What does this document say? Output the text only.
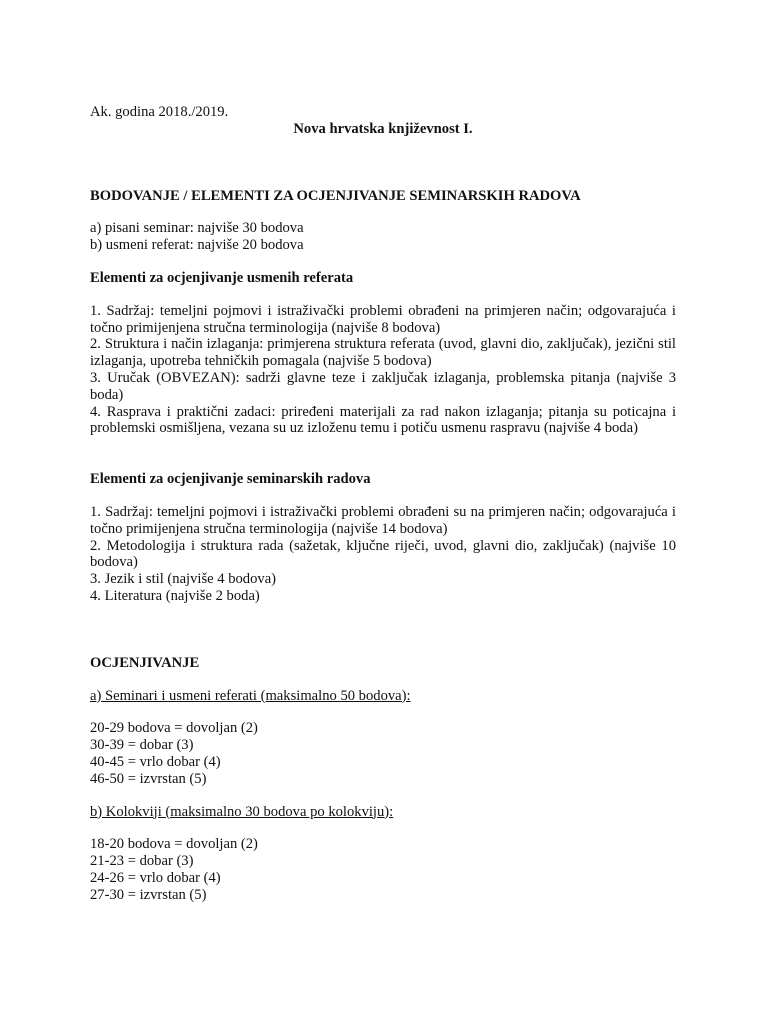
Ak. godina 2018./2019.

Nova hrvatska književnost I.

BODOVANJE / ELEMENTI ZA OCJENJIVANJE SEMINARSKIH RADOVA

a) pisani seminar: najviše 30 bodova

b) usmeni referat: najviše 20 bodova

Elementi za ocjenjivanje usmenih referata

1. Sadržaj: temeljni pojmovi i istraživački problemi obrađeni na primjeren način; odgovarajuća i točno primijenjena stručna terminologija (najviše 8 bodova)

2. Struktura i način izlaganja: primjerena struktura referata (uvod, glavni dio, zaključak), jezični stil izlaganja, upotreba tehničkih pomagala (najviše 5 bodova)

3. Uručak (OBVEZAN): sadrži glavne teze i zaključak izlaganja, problemska pitanja (najviše 3 boda)

4. Rasprava i praktični zadaci: priređeni materijali za rad nakon izlaganja; pitanja su poticajna i problemski osmišljena, vezana su uz izloženu temu i potiču usmenu raspravu (najviše 4 boda)

Elementi za ocjenjivanje seminarskih radova

1. Sadržaj: temeljni pojmovi i istraživački problemi obrađeni su na primjeren način; odgovarajuća i točno primijenjena stručna terminologija (najviše 14 bodova)

2. Metodologija i struktura rada (sažetak, ključne riječi, uvod, glavni dio, zaključak) (najviše 10 bodova)

3. Jezik i stil (najviše 4 bodova)

4. Literatura (najviše 2 boda)

OCJENJIVANJE

a) Seminari i usmeni referati (maksimalno 50 bodova):

20-29 bodova = dovoljan (2)

30-39 = dobar (3)

40-45 = vrlo dobar (4)

46-50 = izvrstan (5)

b) Kolokviji (maksimalno 30 bodova po kolokviju):

18-20 bodova = dovoljan (2)

21-23 = dobar (3)

24-26 = vrlo dobar (4)

27-30 = izvrstan (5)
